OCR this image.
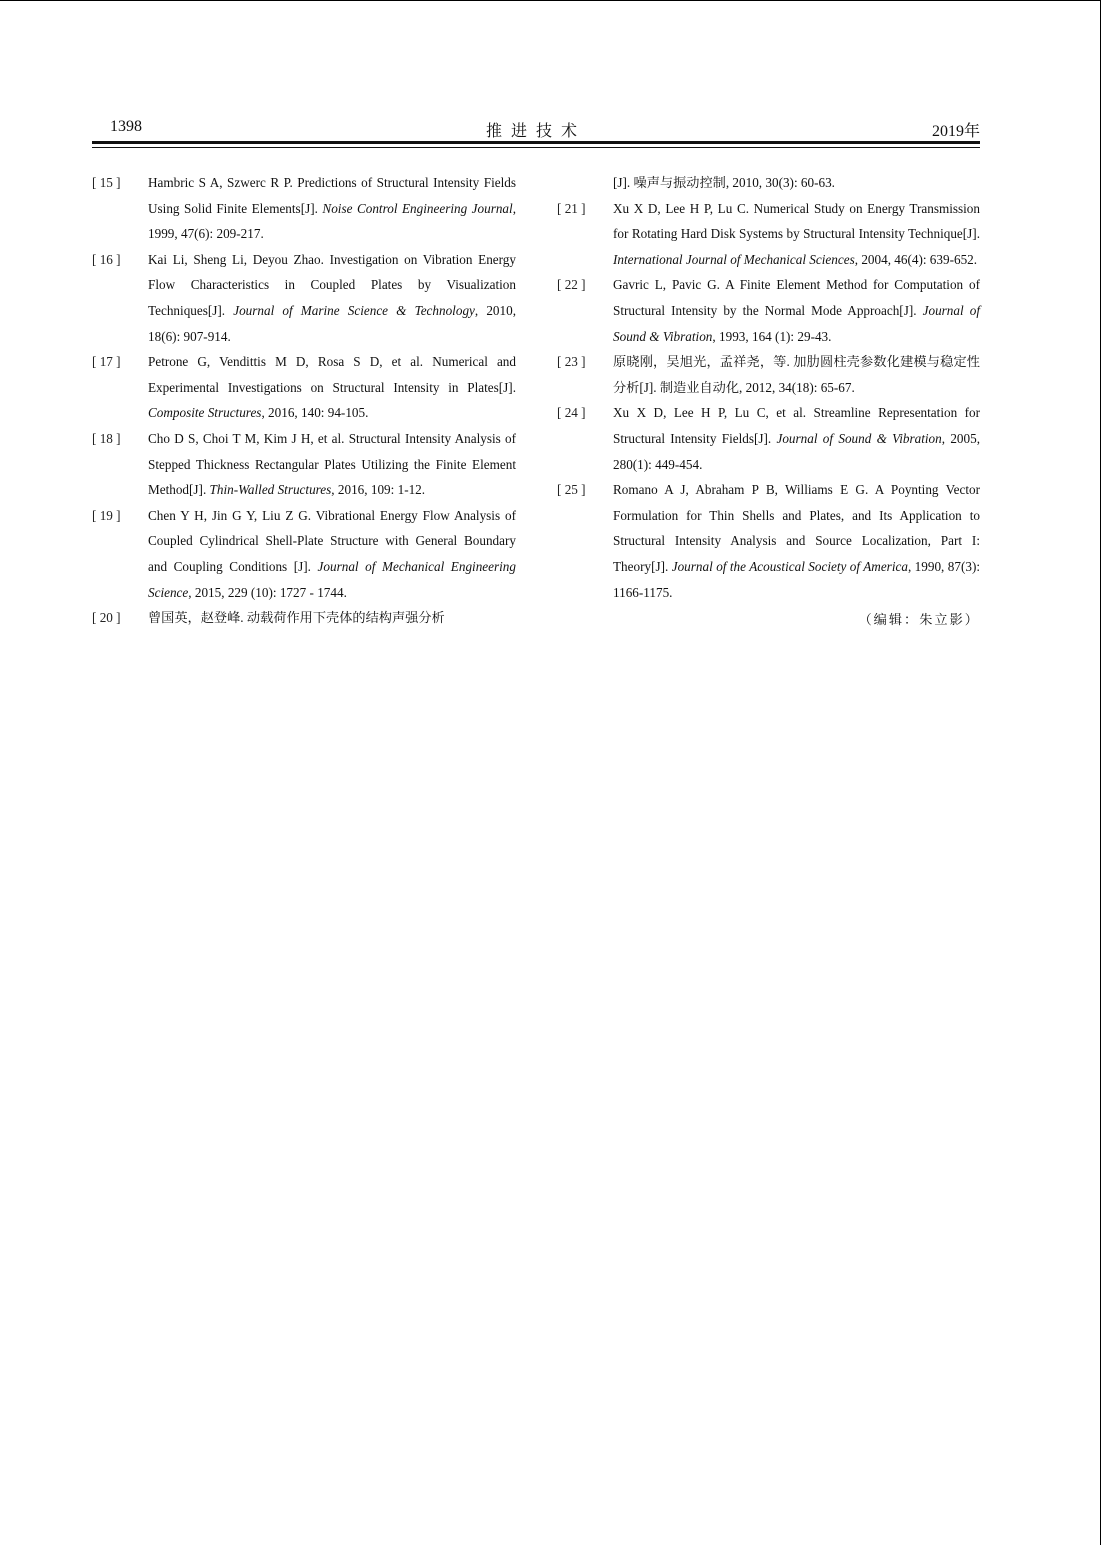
1398	推进技术	2019年
[ 15 ]	Hambric S A, Szwerc R P. Predictions of Structural Intensity Fields Using Solid Finite Elements[J]. Noise Control Engineering Journal, 1999, 47(6): 209-217.
[ 16 ]	Kai Li, Sheng Li, Deyou Zhao. Investigation on Vibration Energy Flow Characteristics in Coupled Plates by Visualization Techniques[J]. Journal of Marine Science & Technology, 2010, 18(6): 907-914.
[ 17 ]	Petrone G, Vendittis M D, Rosa S D, et al. Numerical and Experimental Investigations on Structural Intensity in Plates[J]. Composite Structures, 2016, 140: 94-105.
[ 18 ]	Cho D S, Choi T M, Kim J H, et al. Structural Intensity Analysis of Stepped Thickness Rectangular Plates Utilizing the Finite Element Method[J]. Thin-Walled Structures, 2016, 109: 1-12.
[ 19 ]	Chen Y H, Jin G Y, Liu Z G. Vibrational Energy Flow Analysis of Coupled Cylindrical Shell-Plate Structure with General Boundary and Coupling Conditions [J]. Journal of Mechanical Engineering Science, 2015, 229 (10): 1727 - 1744.
[ 20 ]	曾国英，赵登峰. 动载荷作用下壳体的结构声强分析
[J]. 噪声与振动控制, 2010, 30(3): 60-63.
[ 21 ]	Xu X D, Lee H P, Lu C. Numerical Study on Energy Transmission for Rotating Hard Disk Systems by Structural Intensity Technique[J]. International Journal of Mechanical Sciences, 2004, 46(4): 639-652.
[ 22 ]	Gavric L, Pavic G. A Finite Element Method for Computation of Structural Intensity by the Normal Mode Approach[J]. Journal of Sound & Vibration, 1993, 164 (1): 29-43.
[ 23 ]	原晓刚，吴旭光，孟祥尧，等. 加肋圆柱壳参数化建模与稳定性分析[J]. 制造业自动化, 2012, 34(18): 65-67.
[ 24 ]	Xu X D, Lee H P, Lu C, et al. Streamline Representation for Structural Intensity Fields[J]. Journal of Sound & Vibration, 2005, 280(1): 449-454.
[ 25 ]	Romano A J, Abraham P B, Williams E G. A Poynting Vector Formulation for Thin Shells and Plates, and Its Application to Structural Intensity Analysis and Source Localization, Part I: Theory[J]. Journal of the Acoustical Society of America, 1990, 87(3): 1166-1175.
（编辑：朱立影）
